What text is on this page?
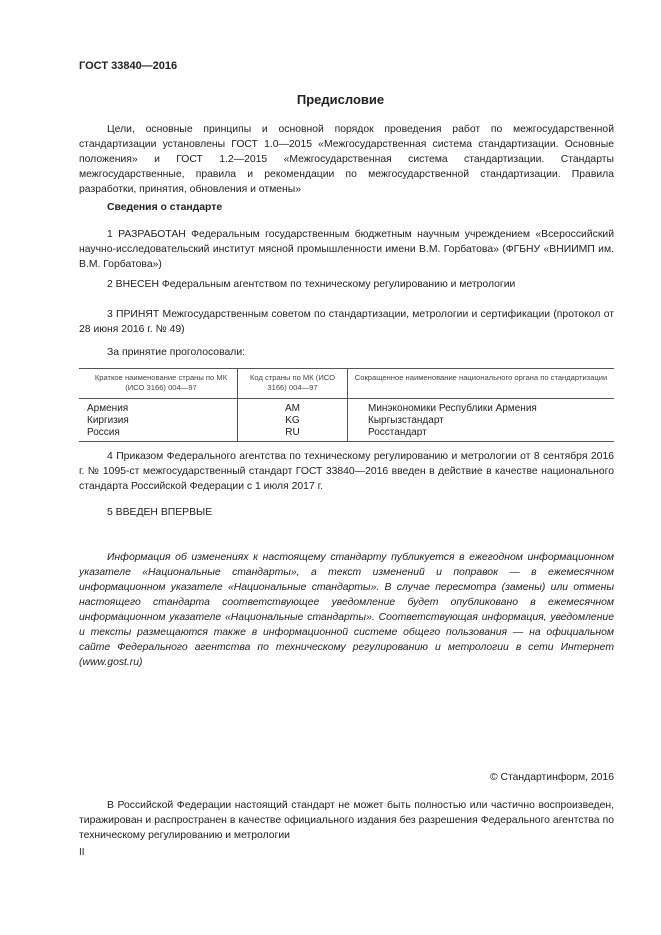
ГОСТ 33840—2016
Предисловие
Цели, основные принципы и основной порядок проведения работ по межгосударственной стандартизации установлены ГОСТ 1.0—2015 «Межгосударственная система стандартизации. Основные положения» и ГОСТ 1.2—2015 «Межгосударственная система стандартизации. Стандарты межгосударственные, правила и рекомендации по межгосударственной стандартизации. Правила разработки, принятия, обновления и отмены»
Сведения о стандарте
1 РАЗРАБОТАН Федеральным государственным бюджетным научным учреждением «Всероссийский научно-исследовательский институт мясной промышленности имени В.М. Горбатова» (ФГБНУ «ВНИИМП им. В.М. Горбатова»)
2 ВНЕСЕН Федеральным агентством по техническому регулированию и метрологии
3 ПРИНЯТ Межгосударственным советом по стандартизации, метрологии и сертификации (протокол от 28 июня 2016 г. № 49)
За принятие проголосовали:
Краткое наименование страны по МК (ИСО 3166) 004—97	Код страны по МК (ИСО 3166) 004—97	Сокращенное наименование национального органа по стандартизации
Армения	AM	Минэкономики Республики Армения
Киргизия	KG	Кыргызстандарт
Россия	RU	Росстандарт
4 Приказом Федерального агентства по техническому регулированию и метрологии от 8 сентября 2016 г. № 1095-ст межгосударственный стандарт ГОСТ 33840—2016 введен в действие в качестве национального стандарта Российской Федерации с 1 июля 2017 г.
5 ВВЕДЕН ВПЕРВЫЕ
Информация об изменениях к настоящему стандарту публикуется в ежегодном информационном указателе «Национальные стандарты», а текст изменений и поправок — в ежемесячном информационном указателе «Национальные стандарты». В случае пересмотра (замены) или отмены настоящего стандарта соответствующее уведомление будет опубликовано в ежемесячном информационном указателе «Национальные стандарты». Соответствующая информация, уведомление и тексты размещаются также в информационной системе общего пользования — на официальном сайте Федерального агентства по техническому регулированию и метрологии в сети Интернет (www.gost.ru)
© Стандартинформ, 2016
В Российской Федерации настоящий стандарт не может быть полностью или частично воспроизведен, тиражирован и распространен в качестве официального издания без разрешения Федерального агентства по техническому регулированию и метрологии
II
